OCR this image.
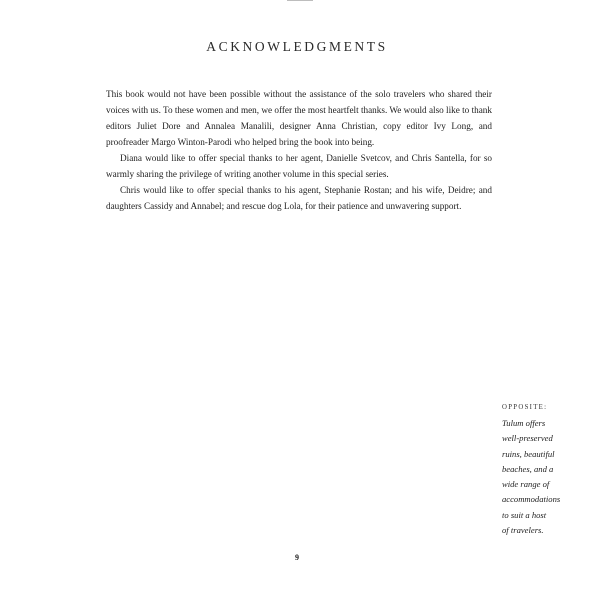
ACKNOWLEDGMENTS

This book would not have been possible without the assistance of the solo travelers who shared their voices with us. To these women and men, we offer the most heartfelt thanks. We would also like to thank editors Juliet Dore and Annalea Manalili, designer Anna Christian, copy editor Ivy Long, and proofreader Margo Winton-Parodi who helped bring the book into being.

Diana would like to offer special thanks to her agent, Danielle Svetcov, and Chris Santella, for so warmly sharing the privilege of writing another volume in this special series.

Chris would like to offer special thanks to his agent, Stephanie Rostan; and his wife, Deidre; and daughters Cassidy and Annabel; and rescue dog Lola, for their patience and unwavering support.

OPPOSITE:
Tulum offers
well-preserved
ruins, beautiful
beaches, and a
wide range of
accommodations
to suit a host
of travelers.
9
